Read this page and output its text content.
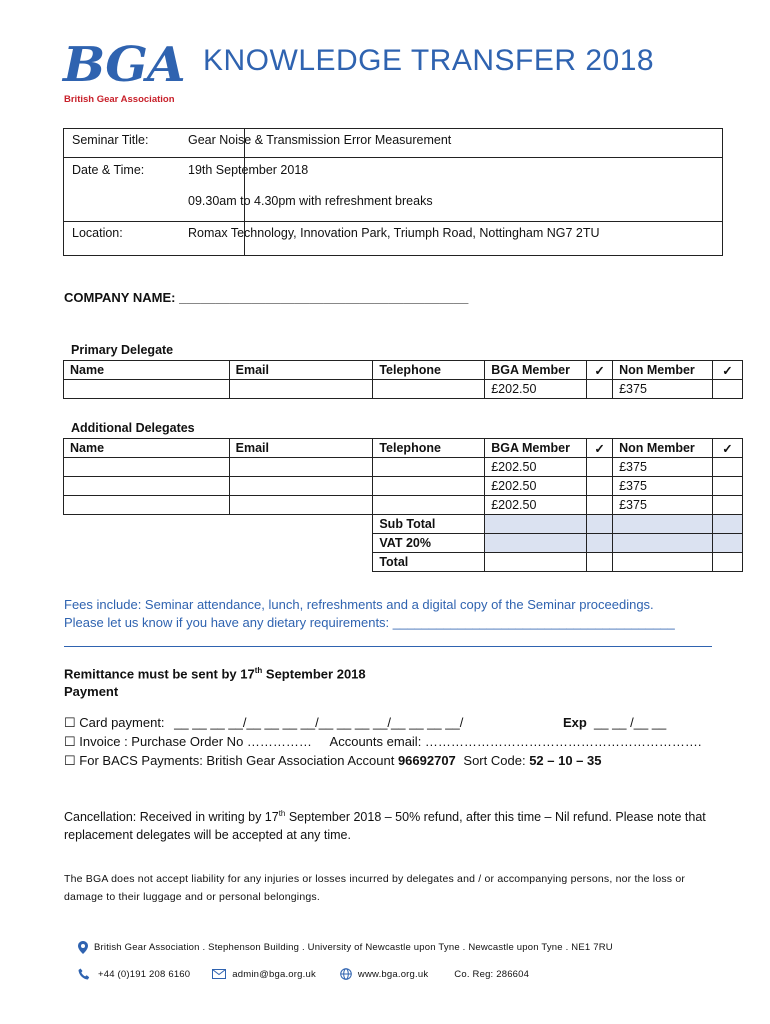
BGA
British Gear Association
KNOWLEDGE TRANSFER 2018
Seminar Title:	Gear Noise & Transmission Error Measurement
Date & Time:	19th September 2018
09.30am to 4.30pm with refreshment breaks
Location:	Romax Technology, Innovation Park, Triumph Road, Nottingham NG7 2TU
COMPANY NAME: ________________________________________
Primary Delegate
Name	Email	Telephone	BGA Member	✓	Non Member	✓
			£202.50		£375	
Additional Delegates
Name	Email	Telephone	BGA Member	✓	Non Member	✓
			£202.50		£375	
			£202.50		£375	
			£202.50		£375	
		Sub Total				
		VAT 20%				
		Total				
Fees include: Seminar attendance, lunch, refreshments and a digital copy of the Seminar proceedings.
Please let us know if you have any dietary requirements: _______________________________________
Remittance must be sent by 17th September 2018
Payment
☐ Card payment: __ __ __ __/__ __ __ __/__ __ __ __/__ __ __ __/	Exp __ __ /__ __
☐ Invoice : Purchase Order No …………… Accounts email: ……………………………………………………….
☐ For BACS Payments: British Gear Association Account 96692707 Sort Code: 52 – 10 – 35
Cancellation: Received in writing by 17th September 2018 – 50% refund, after this time – Nil refund. Please note that replacement delegates will be accepted at any time.
The BGA does not accept liability for any injuries or losses incurred by delegates and / or accompanying persons, nor the loss or damage to their luggage and or personal belongings.
British Gear Association . Stephenson Building . University of Newcastle upon Tyne . Newcastle upon Tyne . NE1 7RU
+44 (0)191 208 6160	admin@bga.org.uk	www.bga.org.uk	Co. Reg: 286604
